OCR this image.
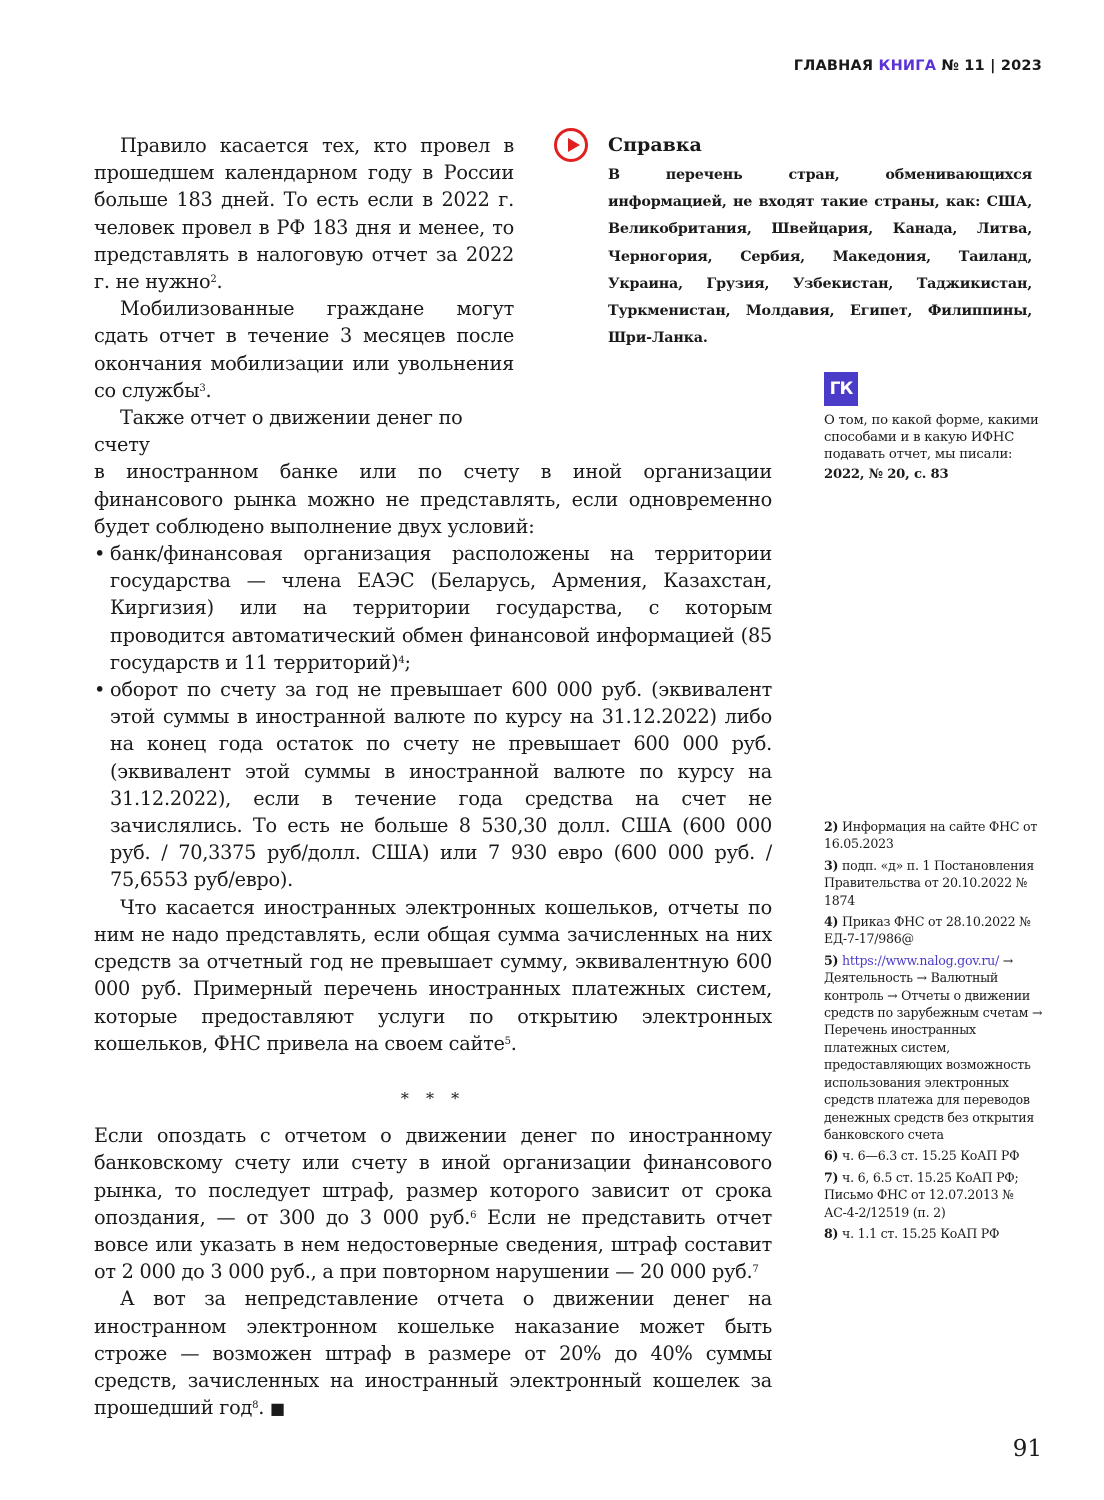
ГЛАВНАЯ КНИГА № 11 | 2023

Правило касается тех, кто провел в прошедшем календарном году в России больше 183 дней. То есть если в 2022 г. человек провел в РФ 183 дня и менее, то представлять в налоговую отчет за 2022 г. не нужно$^2$.

Мобилизованные граждане могут сдать отчет в течение 3 месяцев после окончания мобилизации или увольнения со службы$^3$.

Также отчет о движении денег по счету

в иностранном банке или по счету в иной организации финансового рынка можно не представлять, если одновременно будет соблюдено выполнение двух условий:

• банк/финансовая организация расположены на территории государства — члена ЕАЭС (Беларусь, Армения, Казахстан, Киргизия) или на территории государства, с которым проводится автоматический обмен финансовой информацией (85 государств и 11 территорий)$^4$;
• оборот по счету за год не превышает 600 000 руб. (эквивалент этой суммы в иностранной валюте по курсу на 31.12.2022) либо на конец года остаток по счету не превышает 600 000 руб. (эквивалент этой суммы в иностранной валюте по курсу на 31.12.2022), если в течение года средства на счет не зачислялись. То есть не больше 8 530,30 долл. США (600 000 руб. / 70,3375 руб/долл. США) или 7 930 евро (600 000 руб. / 75,6553 руб/евро).

Что касается иностранных электронных кошельков, отчеты по ним не надо представлять, если общая сумма зачисленных на них средств за отчетный год не превышает сумму, эквивалентную 600 000 руб. Примерный перечень иностранных платежных систем, которые предоставляют услуги по открытию электронных кошельков, ФНС привела на своем сайте$^5$.

* * *

Если опоздать с отчетом о движении денег по иностранному банковскому счету или счету в иной организации финансового рынка, то последует штраф, размер которого зависит от срока опоздания, — от 300 до 3 000 руб.$^6$ Если не представить отчет вовсе или указать в нем недостоверные сведения, штраф составит от 2 000 до 3 000 руб., а при повторном нарушении — 20 000 руб.$^7$

А вот за непредставление отчета о движении денег на иностранном электронном кошельке наказание может быть строже — возможен штраф в размере от 20% до 40% суммы средств, зачисленных на иностранный электронный кошелек за прошедший год$^8$. ■

Справка
В перечень стран, обменивающихся информацией, не входят такие страны, как: США, Великобритания, Швейцария, Канада, Литва, Черногория, Сербия, Македония, Таиланд, Украина, Грузия, Узбекистан, Таджикистан, Туркменистан, Молдавия, Египет, Филиппины, Шри-Ланка.
ГК
О том, по какой форме, какими способами и в какую ИФНС подавать отчет, мы писали:
2022, № 20, с. 83
2) Информация на сайте ФНС от 16.05.2023
3) подп. «д» п. 1 Постановления Правительства от 20.10.2022 № 1874
4) Приказ ФНС от 28.10.2022 № ЕД-7-17/986@
5) https://www.nalog.gov.ru/ → Деятельность → Валютный контроль → Отчеты о движении средств по зарубежным счетам → Перечень иностранных платежных систем, предоставляющих возможность использования электронных средств платежа для переводов денежных средств без открытия банковского счета
6) ч. 6—6.3 ст. 15.25 КоАП РФ
7) ч. 6, 6.5 ст. 15.25 КоАП РФ; Письмо ФНС от 12.07.2013 № АС-4-2/12519 (п. 2)
8) ч. 1.1 ст. 15.25 КоАП РФ
91
